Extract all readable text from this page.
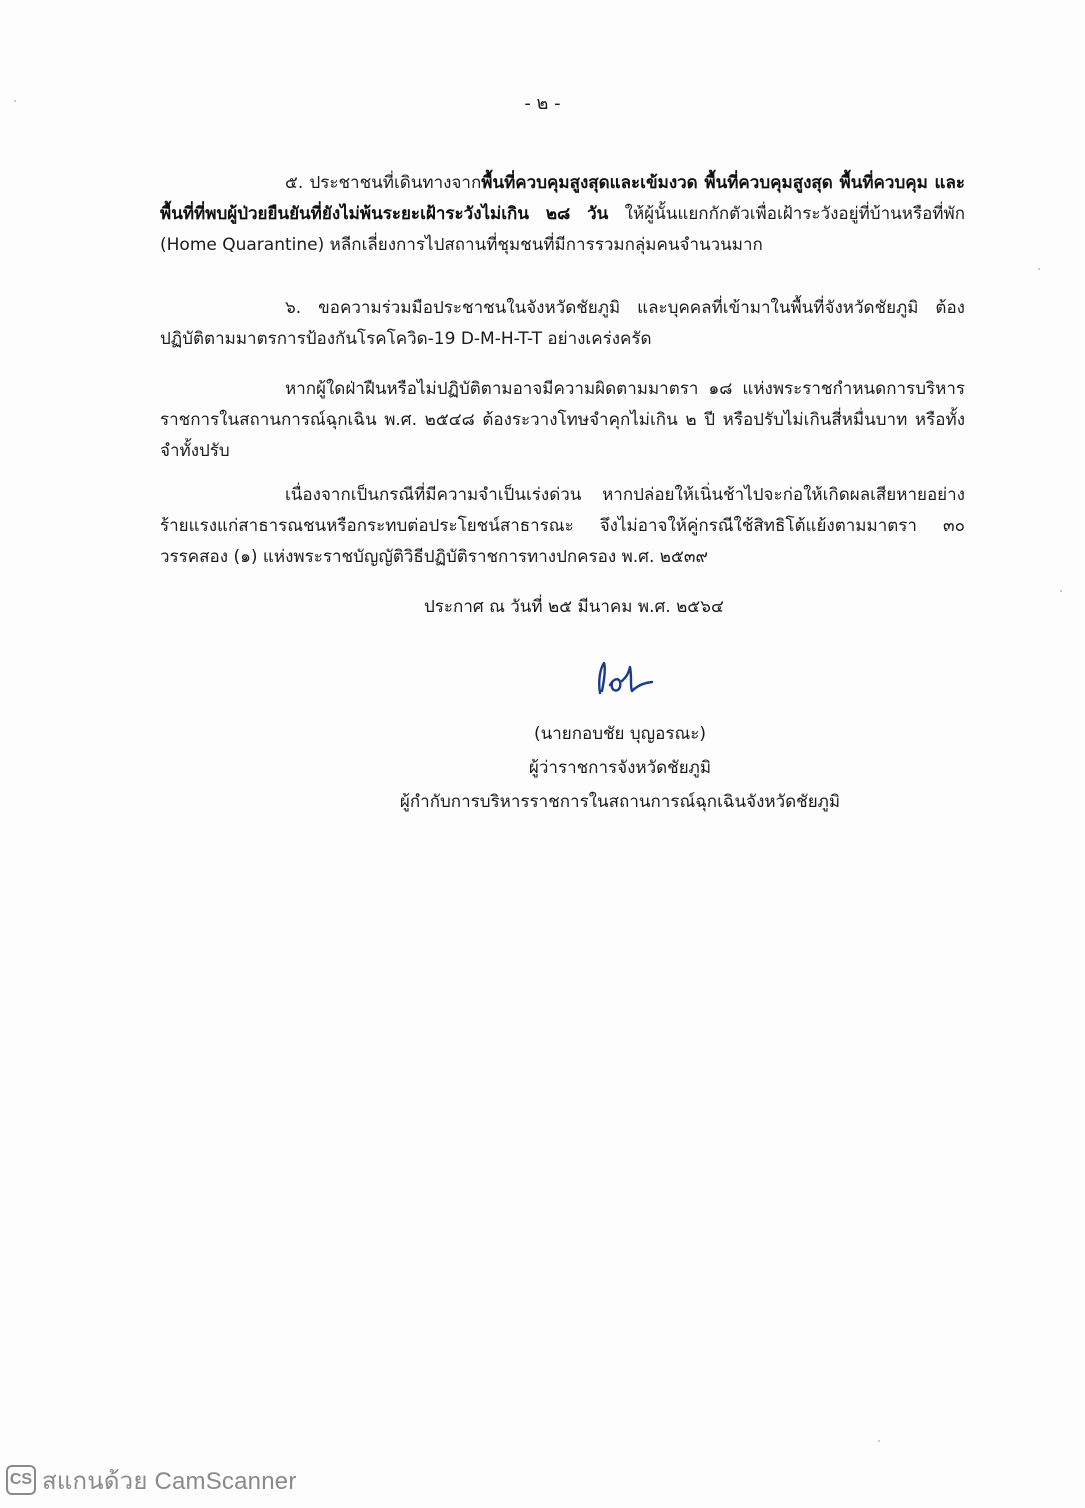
- ๒ -
๕. ประชาชนที่เดินทางจากพื้นที่ควบคุมสูงสุดและเข้มงวด พื้นที่ควบคุมสูงสุด พื้นที่ควบคุม และพื้นที่ที่พบผู้ป่วยยืนยันที่ยังไม่พ้นระยะเฝ้าระวังไม่เกิน ๒๘ วัน ให้ผู้นั้นแยกกักตัวเพื่อเฝ้าระวังอยู่ที่บ้านหรือที่พัก (Home Quarantine) หลีกเลี่ยงการไปสถานที่ชุมชนที่มีการรวมกลุ่มคนจำนวนมาก
๖. ขอความร่วมมือประชาชนในจังหวัดชัยภูมิ และบุคคลที่เข้ามาในพื้นที่จังหวัดชัยภูมิ ต้องปฏิบัติตามมาตรการป้องกันโรคโควิด-19 D-M-H-T-T อย่างเคร่งครัด
หากผู้ใดฝ่าฝืนหรือไม่ปฏิบัติตามอาจมีความผิดตามมาตรา ๑๘ แห่งพระราชกำหนดการบริหารราชการในสถานการณ์ฉุกเฉิน พ.ศ. ๒๕๔๘ ต้องระวางโทษจำคุกไม่เกิน ๒ ปี หรือปรับไม่เกินสี่หมื่นบาท หรือทั้งจำทั้งปรับ
เนื่องจากเป็นกรณีที่มีความจำเป็นเร่งด่วน หากปล่อยให้เนิ่นช้าไปจะก่อให้เกิดผลเสียหายอย่างร้ายแรงแก่สาธารณชนหรือกระทบต่อประโยชน์สาธารณะ จึงไม่อาจให้คู่กรณีใช้สิทธิโต้แย้งตามมาตรา ๓๐ วรรคสอง (๑) แห่งพระราชบัญญัติวิธีปฏิบัติราชการทางปกครอง พ.ศ. ๒๕๓๙
ประกาศ ณ วันที่ ๒๕ มีนาคม พ.ศ. ๒๕๖๔
(นายกอบชัย บุญอรณะ)
ผู้ว่าราชการจังหวัดชัยภูมิ
ผู้กำกับการบริหารราชการในสถานการณ์ฉุกเฉินจังหวัดชัยภูมิ
CS สแกนด้วย CamScanner
